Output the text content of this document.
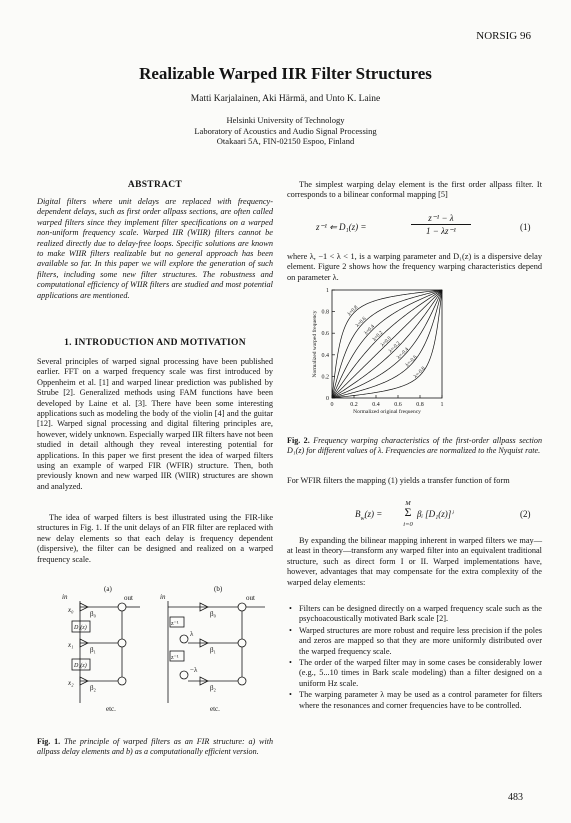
NORSIG 96
Realizable Warped IIR Filter Structures
Matti Karjalainen, Aki Härmä, and Unto K. Laine
Helsinki University of Technology
Laboratory of Acoustics and Audio Signal Processing
Otakaari 5A, FIN-02150 Espoo, Finland
ABSTRACT
Digital filters where unit delays are replaced with frequency-dependent delays, such as first order allpass sections, are often called warped filters since they implement filter specifications on a warped non-uniform frequency scale. Warped IIR (WIIR) filters cannot be realized directly due to delay-free loops. Specific solutions are known to make WIIR filters realizable but no general approach has been available so far. In this paper we will explore the generation of such filters, including some new filter structures. The robustness and computational efficiency of WIIR filters are studied and most potential applications are mentioned.
1. INTRODUCTION AND MOTIVATION
Several principles of warped signal processing have been published earlier. FFT on a warped frequency scale was first introduced by Oppenheim et al. [1] and warped linear prediction was published by Strube [2]. Generalized methods using FAM functions have been developed by Laine et al. [3]. There have been some interesting applications such as modeling the body of the violin [4] and the guitar [12]. Warped signal processing and digital filtering principles are, however, widely unknown. Especially warped IIR filters have not been studied in detail although they reveal interesting potential for applications. In this paper we first present the idea of warped filters using an example of warped FIR (WFIR) structure. Then, both previously known and new warped IIR (WIIR) structures are shown and analyzed.
The idea of warped filters is best illustrated using the FIR-like structures in Fig. 1. If the unit delays of an FIR filter are replaced with new delay elements so that each delay is frequency dependent (dispersive), the filter can be designed and realized on a warped frequency scale.
(a)	(b)
in
x₀ β₀
out
D₁(z)
x₁
β₁
D₁(z)
x₂
β₂
etc.
in
β₀
out
z⁻¹
λ
z⁻¹
−λ
β₁
β₂
etc.
Fig. 1. The principle of warped filters as an FIR structure: a) with allpass delay elements and b) as a computationally efficient version.
The simplest warping delay element is the first order allpass filter. It corresponds to a bilinear conformal mapping [5]
z⁻¹ ⇐ D₁(z) =
z⁻¹ − λ
1 − λz⁻¹	(1)
where λ, −1 < λ < 1, is a warping parameter and D₁(z) is a dispersive delay element. Figure 2 shows how the frequency warping characteristics depend on parameter λ.
0	0.2 0.4 0.6 0.8	1
0
0.2
0.4
0.6
0.8
1
Normalized original frequency
Normalized warped frequency	λ=-0.8
λ=-0.6
λ=-0.4
λ=-0.2
λ=0.0
λ=0.2
λ=0.4
λ=0.6
λ=0.8
Fig. 2. Frequency warping characteristics of the first-order allpass section D₁(z) for different values of λ. Frequencies are normalized to the Nyquist rate.
For WFIR filters the mapping (1) yields a transfer function of form
$B_w(z)$ =
M
Σ
i=0
βᵢ [D₁(z)]ⁱ	(2)
By expanding the bilinear mapping inherent in warped filters we may—at least in theory—transform any warped filter into an equivalent traditional structure, such as direct form I or II. Warped implementations have, however, advantages that may compensate for the extra complexity of the warped delay elements:
• Filters can be designed directly on a warped frequency scale such as the psychoacoustically motivated Bark scale [2].
• Warped structures are more robust and require less precision if the poles and zeros are mapped so that they are more uniformly distributed over the warped frequency scale.
• The order of the warped filter may in some cases be considerably lower (e.g., 5...10 times in Bark scale modeling) than a filter designed on a uniform Hz scale.
• The warping parameter λ may be used as a control parameter for filters where the resonances and corner frequencies have to be controlled.
483
